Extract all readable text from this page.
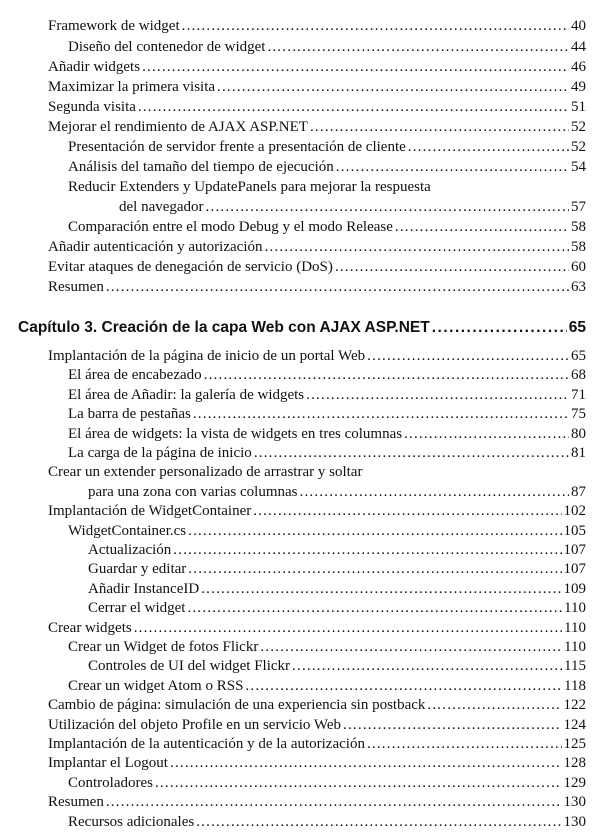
Framework de widget .....	40
Diseño del contenedor de widget .....	44
Añadir widgets .....	46
Maximizar la primera visita .....	49
Segunda visita .....	51
Mejorar el rendimiento de AJAX ASP.NET .....	52
Presentación de servidor frente a presentación de cliente .....	52
Análisis del tamaño del tiempo de ejecución .....	54
Reducir Extenders y UpdatePanels para mejorar la respuesta
del navegador .....	57
Comparación entre el modo Debug y el modo Release .....	58
Añadir autenticación y autorización .....	58
Evitar ataques de denegación de servicio (DoS) .....	60
Resumen .....	63
Capítulo 3. Creación de la capa Web con AJAX ASP.NET .....	65
Implantación de la página de inicio de un portal Web .....	65
El área de encabezado .....	68
El área de Añadir: la galería de widgets .....	71
La barra de pestañas .....	75
El área de widgets: la vista de widgets en tres columnas .....	80
La carga de la página de inicio .....	81
Crear un extender personalizado de arrastrar y soltar
para una zona con varias columnas .....	87
Implantación de WidgetContainer .....	102
WidgetContainer.cs .....	105
Actualización .....	107
Guardar y editar .....	107
Añadir InstanceID .....	109
Cerrar el widget .....	110
Crear widgets .....	110
Crear un Widget de fotos Flickr .....	110
Controles de UI del widget Flickr .....	115
Crear un widget Atom o RSS .....	118
Cambio de página: simulación de una experiencia sin postback .....	122
Utilización del objeto Profile en un servicio Web .....	124
Implantación de la autenticación y de la autorización .....	125
Implantar el Logout .....	128
Controladores .....	129
Resumen .....	130
Recursos adicionales .....	130
